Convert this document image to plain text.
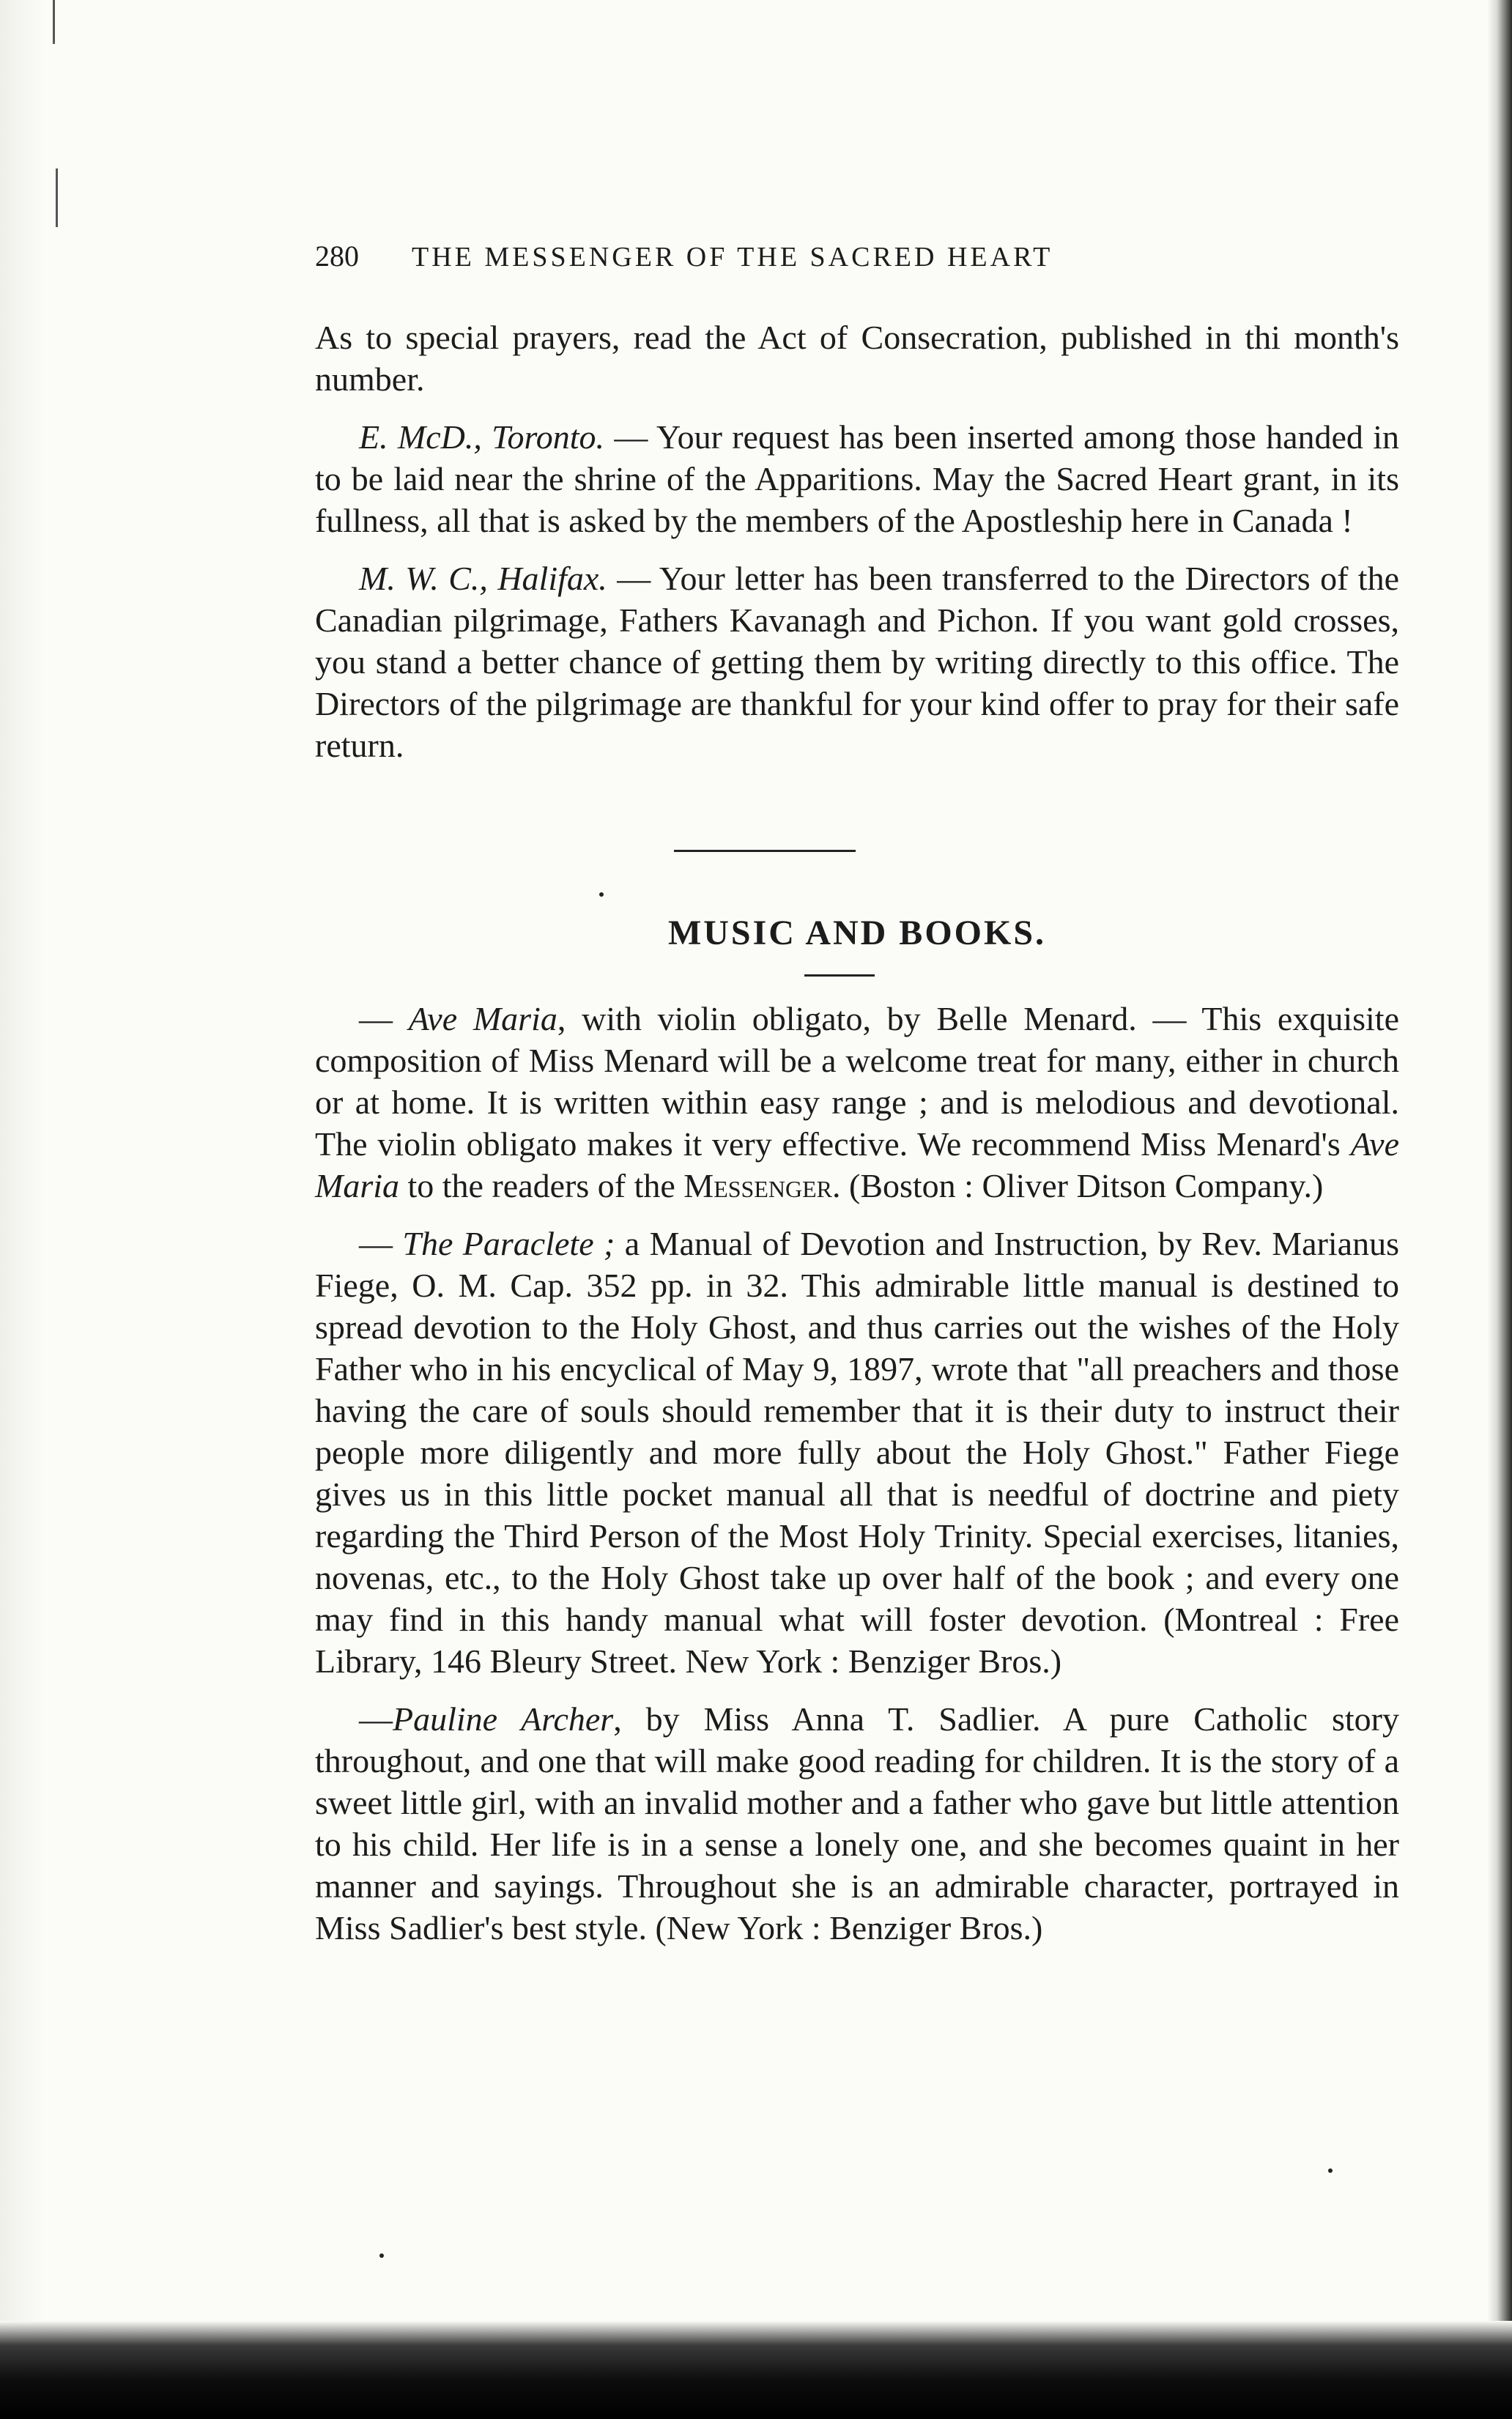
280 THE MESSENGER OF THE SACRED HEART

As to special prayers, read the Act of Consecration, published in thi month's number.

E. McD., Toronto. — Your request has been inserted among those handed in to be laid near the shrine of the Apparitions. May the Sacred Heart grant, in its fullness, all that is asked by the members of the Apostleship here in Canada !

M. W. C., Halifax. — Your letter has been transferred to the Directors of the Canadian pilgrimage, Fathers Kavanagh and Pichon. If you want gold crosses, you stand a better chance of getting them by writing directly to this office. The Directors of the pilgrimage are thankful for your kind offer to pray for their safe return.

MUSIC AND BOOKS.

— Ave Maria, with violin obligato, by Belle Menard. — This exquisite composition of Miss Menard will be a welcome treat for many, either in church or at home. It is written within easy range ; and is melodious and devotional. The violin obligato makes it very effective. We recommend Miss Menard's Ave Maria to the readers of the Messenger. (Boston : Oliver Ditson Company.)

— The Paraclete ; a Manual of Devotion and Instruction, by Rev. Marianus Fiege, O. M. Cap. 352 pp. in 32. This admirable little manual is destined to spread devotion to the Holy Ghost, and thus carries out the wishes of the Holy Father who in his encyclical of May 9, 1897, wrote that "all preachers and those having the care of souls should remember that it is their duty to instruct their people more diligently and more fully about the Holy Ghost." Father Fiege gives us in this little pocket manual all that is needful of doctrine and piety regarding the Third Person of the Most Holy Trinity. Special exercises, litanies, novenas, etc., to the Holy Ghost take up over half of the book ; and every one may find in this handy manual what will foster devotion. (Montreal : Free Library, 146 Bleury Street. New York : Benziger Bros.)

—Pauline Archer, by Miss Anna T. Sadlier. A pure Catholic story throughout, and one that will make good reading for children. It is the story of a sweet little girl, with an invalid mother and a father who gave but little attention to his child. Her life is in a sense a lonely one, and she becomes quaint in her manner and sayings. Throughout she is an admirable character, portrayed in Miss Sadlier's best style. (New York : Benziger Bros.)
